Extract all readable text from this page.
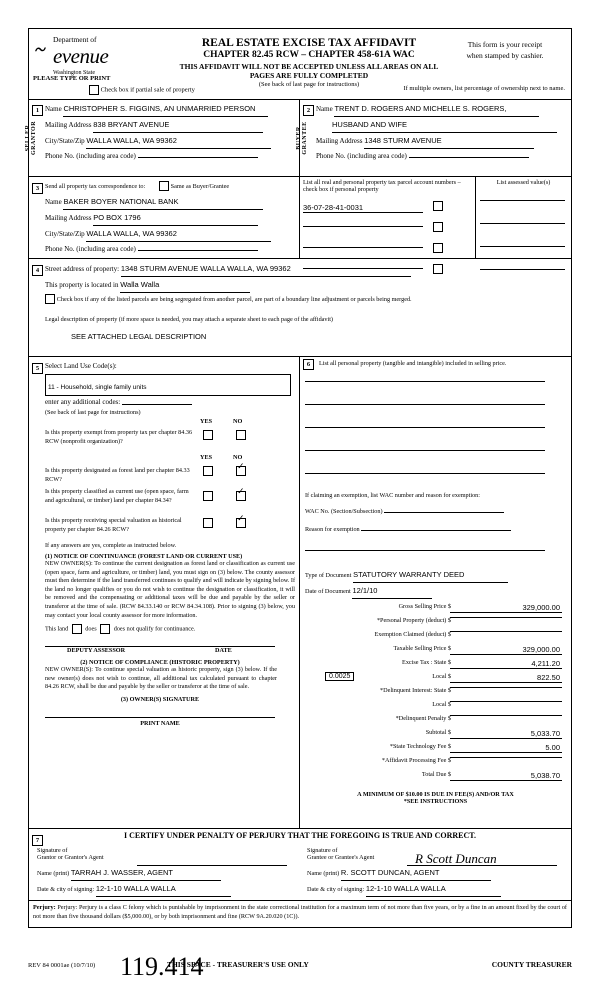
~ Department of
evenue
Washington State
REAL ESTATE EXCISE TAX AFFIDAVIT
CHAPTER 82.45 RCW – CHAPTER 458-61A WAC
THIS AFFIDAVIT WILL NOT BE ACCEPTED UNLESS ALL AREAS ON ALL PAGES ARE FULLY COMPLETED
(See back of last page for instructions)
This form is your receipt
when stamped by cashier.
PLEASE TYPE OR PRINT
Check box if partial sale of property	If multiple owners, list percentage of ownership next to name.
1
SELLER
GRANTOR
Name CHRISTOPHER S. FIGGINS, AN UNMARRIED PERSON
Mailing Address 838 BRYANT AVENUE
City/State/Zip WALLA WALLA, WA 99362
Phone No. (including area code)
2
BUYER
GRANTEE
Name TRENT D. ROGERS AND MICHELLE S. ROGERS,
HUSBAND AND WIFE
Mailing Address 1348 STURM AVENUE
Phone No. (including area code)
3 Send all property tax correspondence to:	Same as Buyer/Grantee
Name BAKER BOYER NATIONAL BANK
Mailing Address PO BOX 1796
City/State/Zip WALLA WALLA, WA 99362
Phone No. (including area code)
List all real and personal property tax parcel account numbers – check box if personal property
36-07-28-41-0031

List assessed value(s)

4 Street address of property: 1348 STURM AVENUE WALLA WALLA, WA 99362
This property is located in Walla Walla
Check box if any of the listed parcels are being segregated from another parcel, are part of a boundary line adjustment or parcels being merged.
Legal description of property (if more space is needed, you may attach a separate sheet to each page of the affidavit)
SEE ATTACHED LEGAL DESCRIPTION
5 Select Land Use Code(s):
11 - Household, single family units
enter any additional codes:
(See back of last page for instructions)
YES	NO
Is this property exempt from property tax per chapter 84.36 RCW (nonprofit organization)?
YES	NO
Is this property designated as forest land per chapter 84.33 RCW?
✓
Is this property classified as current use (open space, farm and agricultural, or timber) land per chapter 84.34?
✓
Is this property receiving special valuation as historical property per chapter 84.26 RCW?
✓
If any answers are yes, complete as instructed below.
(1) NOTICE OF CONTINUANCE (FOREST LAND OR CURRENT USE)
NEW OWNER(S): To continue the current designation as forest land or classification as current use (open space, farm and agriculture, or timber) land, you must sign on (3) below. The county assessor must then determine if the land transferred continues to qualify and will indicate by signing below. If the land no longer qualifies or you do not wish to continue the designation or classification, it will be removed and the compensating or additional taxes will be due and payable by the seller or transferor at the time of sale. (RCW 84.33.140 or RCW 84.34.108). Prior to signing (3) below, you may contact your local county assessor for more information.
This land	does	does not qualify for continuance.
DEPUTY ASSESSOR	DATE
(2) NOTICE OF COMPLIANCE (HISTORIC PROPERTY)
NEW OWNER(S): To continue special valuation as historic property, sign (3) below. If the new owner(s) does not wish to continue, all additional tax calculated pursuant to chapter 84.26 RCW, shall be due and payable by the seller or transferor at the time of sale.
(3) OWNER(S) SIGNATURE
PRINT NAME
6	List all personal property (tangible and intangible) included in selling price.

If claiming an exemption, list WAC number and reason for exemption:
WAC No. (Section/Subsection)
Reason for exemption

Type of Document STATUTORY WARRANTY DEED
Date of Document 12/1/10
Gross Selling Price $	329,000.00
*Personal Property (deduct) $
Exemption Claimed (deduct) $
Taxable Selling Price $	329,000.00
Excise Tax : State $	4,211.20
Local $	822.50
0.0025
*Delinquent Interest: State $
Local $
*Delinquent Penalty $
Subtotal $	5,033.70
*State Technology Fee $	5.00
*Affidavit Processing Fee $
Total Due $	5,038.70
A MINIMUM OF $10.00 IS DUE IN FEE(S) AND/OR TAX
*SEE INSTRUCTIONS
7
I CERTIFY UNDER PENALTY OF PERJURY THAT THE FOREGOING IS TRUE AND CORRECT.
Signature of
Grantor or Grantor's Agent
Name (print) TARRAH J. WASSER, AGENT
Date & city of signing: 12-1-10 WALLA WALLA
Signature of
Grantee or Grantee's Agent	R Scott Duncan
Name (print) R. SCOTT DUNCAN, AGENT
Date & city of signing: 12-1-10 WALLA WALLA
Perjury: Perjury: Perjury is a class C felony which is punishable by imprisonment in the state correctional institution for a maximum term of not more than five years, or by a fine in an amount fixed by the court of not more than five thousand dollars ($5,000.00), or by both imprisonment and fine (RCW 9A.20.020 (1C)).
REV 84 0001ae (10/7/10)	THIS SPACE - TREASURER'S USE ONLY	COUNTY TREASURER
119.414
